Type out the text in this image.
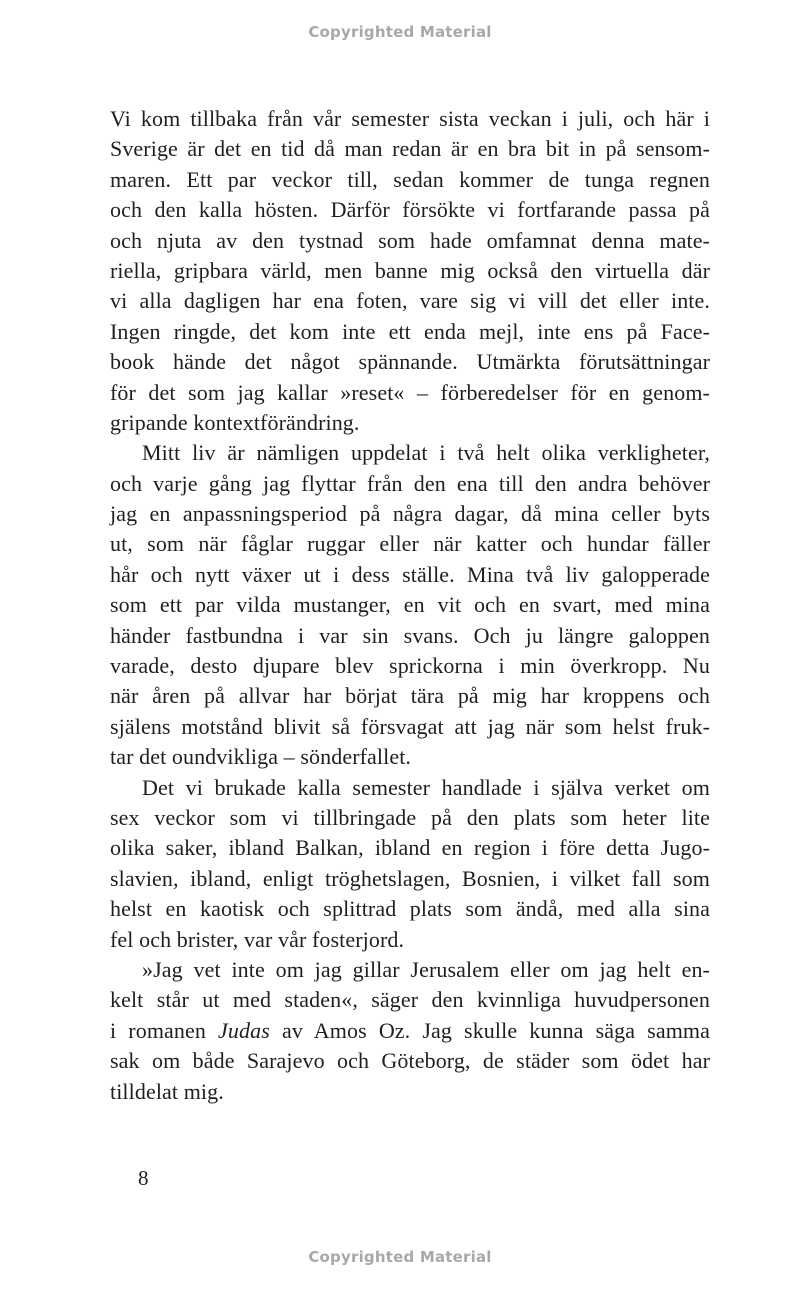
Copyrighted Material
Vi kom tillbaka från vår semester sista veckan i juli, och här i
Sverige är det en tid då man redan är en bra bit in på sensom-
maren. Ett par veckor till, sedan kommer de tunga regnen
och den kalla hösten. Därför försökte vi fortfarande passa på
och njuta av den tystnad som hade omfamnat denna mate-
riella, gripbara värld, men banne mig också den virtuella där
vi alla dagligen har ena foten, vare sig vi vill det eller inte.
Ingen ringde, det kom inte ett enda mejl, inte ens på Face-
book hände det något spännande. Utmärkta förutsättningar
för det som jag kallar »reset« – förberedelser för en genom-
gripande kontextförändring.
Mitt liv är nämligen uppdelat i två helt olika verkligheter,
och varje gång jag flyttar från den ena till den andra behöver
jag en anpassningsperiod på några dagar, då mina celler byts
ut, som när fåglar ruggar eller när katter och hundar fäller
hår och nytt växer ut i dess ställe. Mina två liv galopperade
som ett par vilda mustanger, en vit och en svart, med mina
händer fastbundna i var sin svans. Och ju längre galoppen
varade, desto djupare blev sprickorna i min överkropp. Nu
när åren på allvar har börjat tära på mig har kroppens och
själens motstånd blivit så försvagat att jag när som helst fruk-
tar det oundvikliga – sönderfallet.
Det vi brukade kalla semester handlade i själva verket om
sex veckor som vi tillbringade på den plats som heter lite
olika saker, ibland Balkan, ibland en region i före detta Jugo-
slavien, ibland, enligt tröghetslagen, Bosnien, i vilket fall som
helst en kaotisk och splittrad plats som ändå, med alla sina
fel och brister, var vår fosterjord.
»Jag vet inte om jag gillar Jerusalem eller om jag helt en-
kelt står ut med staden«, säger den kvinnliga huvudpersonen
i romanen Judas av Amos Oz. Jag skulle kunna säga samma
sak om både Sarajevo och Göteborg, de städer som ödet har
tilldelat mig.
8
Copyrighted Material
